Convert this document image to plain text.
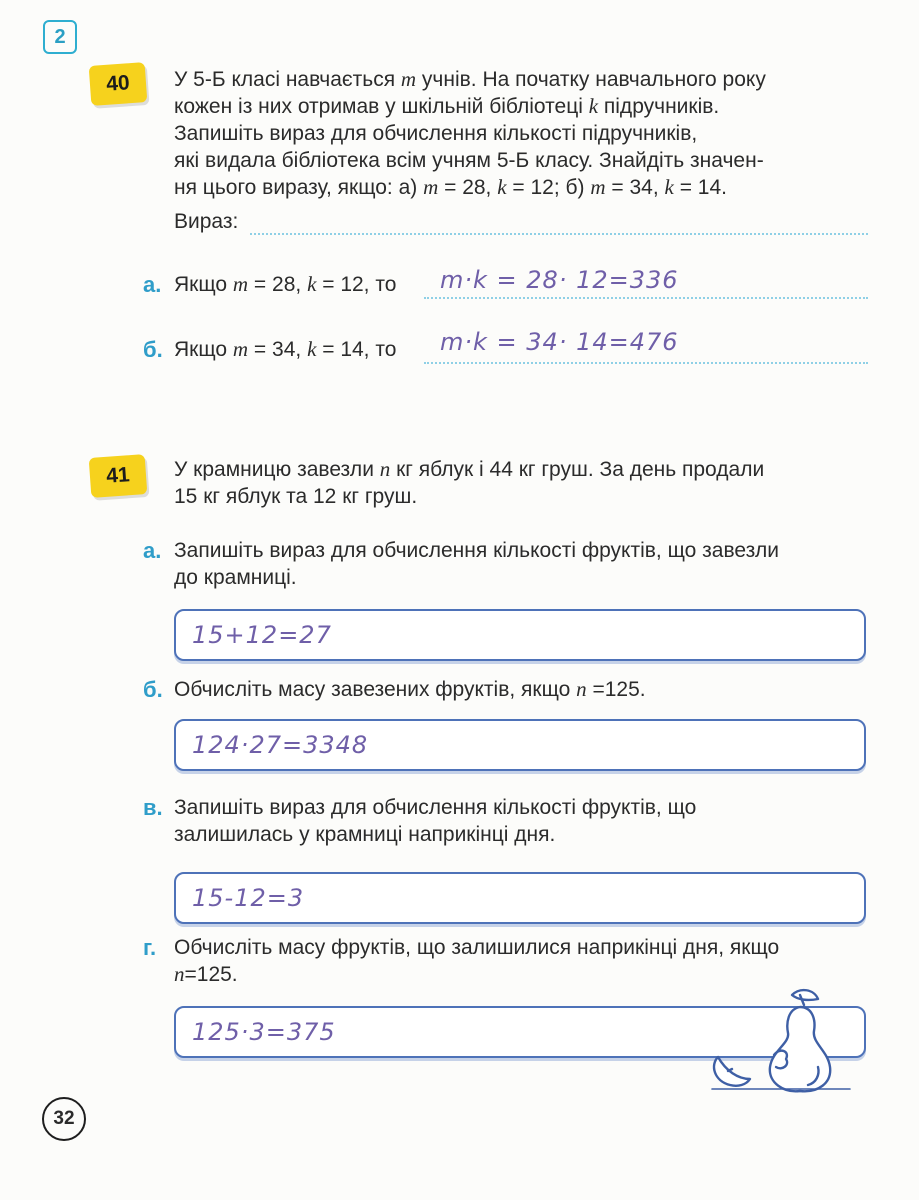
2
40	У 5-Б класі навчається m учнів. На початку навчального року
кожен із них отримав у шкільній бібліотеці k підручників.
Запишіть вираз для обчислення кількості підручників,
які видала бібліотека всім учням 5-Б класу. Знайдіть значен-
ня цього виразу, якщо: а) m = 28, k = 12; б) m = 34, k = 14.
Вираз:
а. Якщо m = 28, k = 12, то m·k = 28· 12=336
б. Якщо m = 34, k = 14, то m·k = 34· 14=476
41	У крамницю завезли n кг яблук і 44 кг груш. За день продали
15 кг яблук та 12 кг груш.
а. Запишіть вираз для обчислення кількості фруктів, що завезли
до крамниці.
15+12=27
б. Обчисліть масу завезених фруктів, якщо n =125.
124·27=3348
в. Запишіть вираз для обчислення кількості фруктів, що
залишилась у крамниці наприкінці дня.
15-12=3
г. Обчисліть масу фруктів, що залишилися наприкінці дня, якщо
n=125.
125·3=375
32
